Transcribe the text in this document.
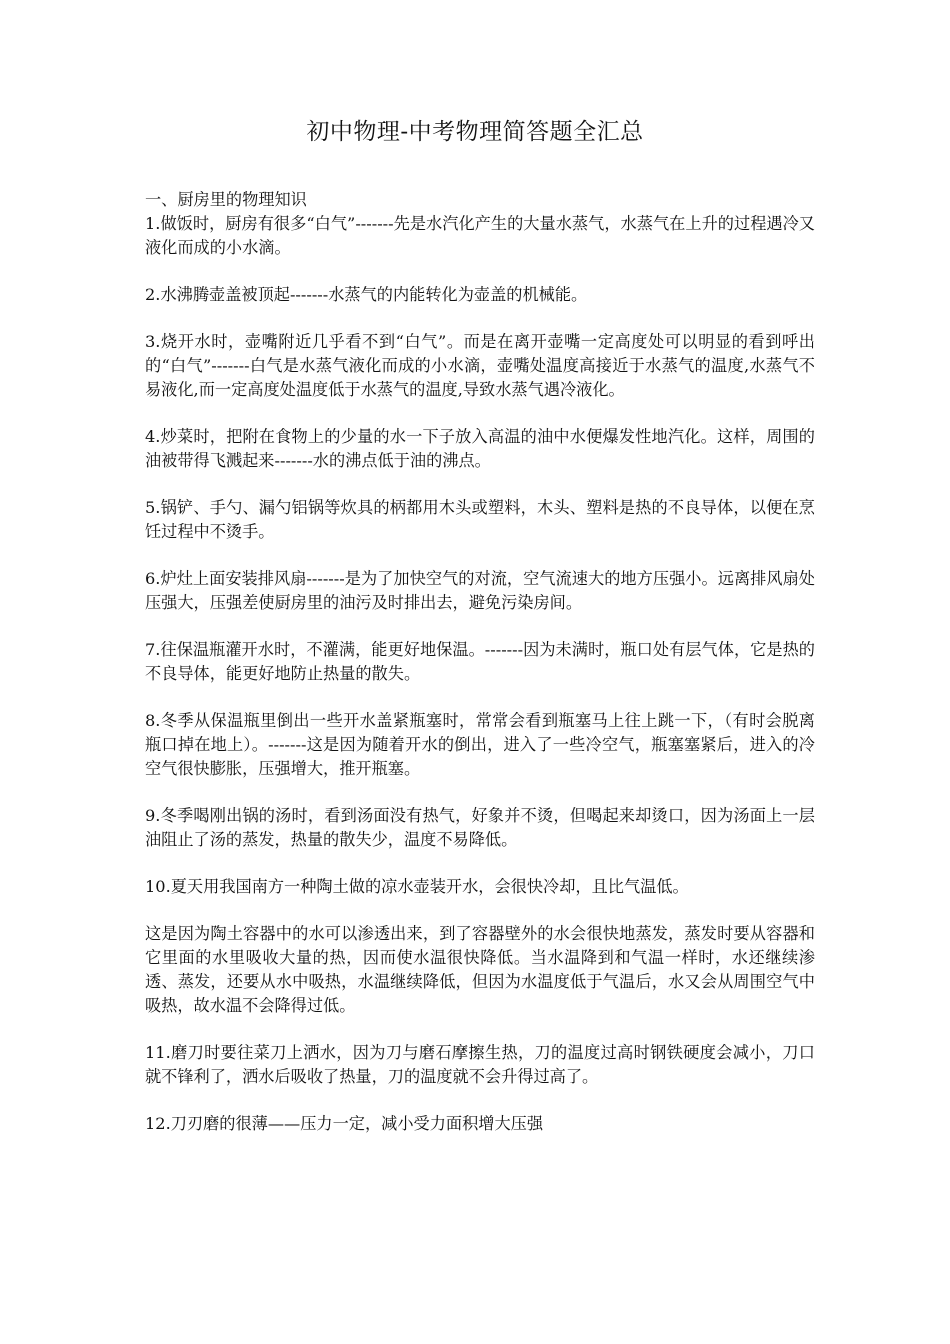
初中物理-中考物理简答题全汇总

一、厨房里的物理知识

1.做饭时，厨房有很多“白气”-------先是水汽化产生的大量水蒸气，水蒸气在上升的过程遇冷又液化而成的小水滴。

2.水沸腾壶盖被顶起-------水蒸气的内能转化为壶盖的机械能。

3.烧开水时，壶嘴附近几乎看不到“白气”。而是在离开壶嘴一定高度处可以明显的看到呼出的“白气”-------白气是水蒸气液化而成的小水滴，壶嘴处温度高接近于水蒸气的温度,水蒸气不易液化,而一定高度处温度低于水蒸气的温度,导致水蒸气遇冷液化。

4.炒菜时，把附在食物上的少量的水一下子放入高温的油中水便爆发性地汽化。这样，周围的油被带得飞溅起来-------水的沸点低于油的沸点。

5.锅铲、手勺、漏勺铝锅等炊具的柄都用木头或塑料，木头、塑料是热的不良导体，以便在烹饪过程中不烫手。

6.炉灶上面安装排风扇-------是为了加快空气的对流，空气流速大的地方压强小。远离排风扇处压强大，压强差使厨房里的油污及时排出去，避免污染房间。

7.往保温瓶灌开水时，不灌满，能更好地保温。-------因为未满时，瓶口处有层气体，它是热的不良导体，能更好地防止热量的散失。

8.冬季从保温瓶里倒出一些开水盖紧瓶塞时，常常会看到瓶塞马上往上跳一下，（有时会脱离瓶口掉在地上）。-------这是因为随着开水的倒出，进入了一些冷空气，瓶塞塞紧后，进入的冷空气很快膨胀，压强增大，推开瓶塞。

9.冬季喝刚出锅的汤时，看到汤面没有热气，好象并不烫，但喝起来却烫口，因为汤面上一层油阻止了汤的蒸发，热量的散失少，温度不易降低。

10.夏天用我国南方一种陶土做的凉水壶装开水，会很快冷却，且比气温低。

这是因为陶土容器中的水可以渗透出来，到了容器壁外的水会很快地蒸发，蒸发时要从容器和它里面的水里吸收大量的热，因而使水温很快降低。当水温降到和气温一样时，水还继续渗透、蒸发，还要从水中吸热，水温继续降低，但因为水温度低于气温后，水又会从周围空气中吸热，故水温不会降得过低。

11.磨刀时要往菜刀上洒水，因为刀与磨石摩擦生热，刀的温度过高时钢铁硬度会减小，刀口就不锋利了，洒水后吸收了热量，刀的温度就不会升得过高了。

12.刀刃磨的很薄——压力一定，减小受力面积增大压强
